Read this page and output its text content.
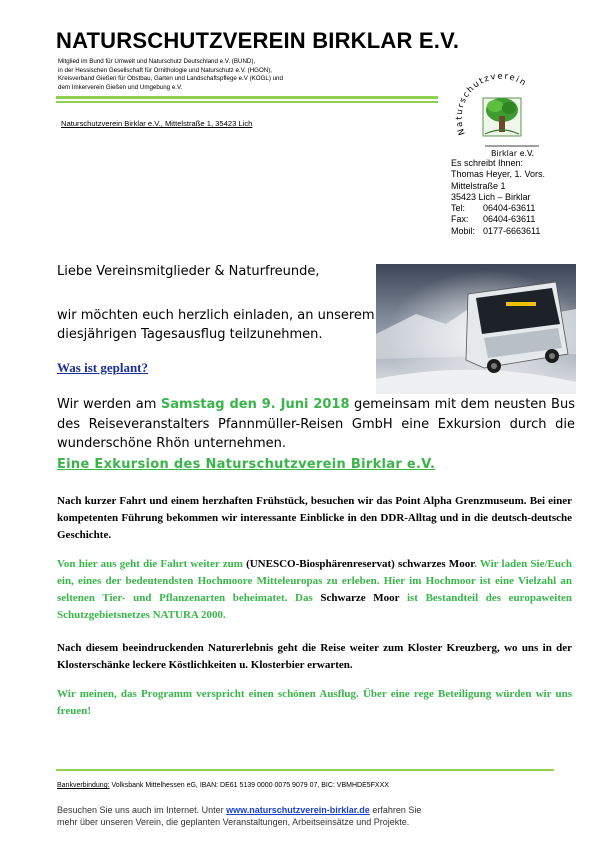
NATURSCHUTZVEREIN BIRKLAR E.V.
Mitglied im Bund für Umwelt und Naturschutz Deutschland e.V. (BUND),
in der Hessischen Gesellschaft für Ornithologie und Naturschutz e.V. (HGON),
Kreisverband Gießen für Obstbau, Garten und Landschaftspflege e.V (KOGL) und
dem Imkerverein Gießen und Umgebung e.V.
Naturschutzverein Birklar e.V., Mittelstraße 1, 35423 Lich
Naturschutzverein
Birklar e.V.
Es schreibt Ihnen:
Thomas Heyer, 1. Vors.
Mittelstraße 1
35423 Lich – Birklar
Tel:	06404-63611
Fax:	06404-63611
Mobil: 0177-6663611
Liebe Vereinsmitglieder & Naturfreunde,
wir möchten euch herzlich einladen, an unserem
diesjährigen Tagesausflug teilzunehmen.
Was ist geplant?
Wir werden am Samstag den 9. Juni 2018 gemeinsam mit dem neusten Bus des Reiseveranstalters Pfannmüller-Reisen GmbH eine Exkursion durch die wunderschöne Rhön unternehmen.
Eine Exkursion des Naturschutzverein Birklar e.V.
Nach kurzer Fahrt und einem herzhaften Frühstück, besuchen wir das Point Alpha Grenzmuseum. Bei einer kompetenten Führung bekommen wir interessante Einblicke in den DDR-Alltag und in die deutsch-deutsche Geschichte.
Von hier aus geht die Fahrt weiter zum (UNESCO-Biosphärenreservat) schwarzes Moor. Wir laden Sie/Euch ein, eines der bedeutendsten Hochmoore Mitteleuropas zu erleben. Hier im Hochmoor ist eine Vielzahl an seltenen Tier- und Pflanzenarten beheimatet. Das Schwarze Moor ist Bestandteil des europaweiten Schutzgebietsnetzes NATURA 2000.
Nach diesem beeindruckenden Naturerlebnis geht die Reise weiter zum Kloster Kreuzberg, wo uns in der Klosterschänke leckere Köstlichkeiten u. Klosterbier erwarten.
Wir meinen, das Programm verspricht einen schönen Ausflug. Über eine rege Beteiligung würden wir uns freuen!
Bankverbindung: Volksbank Mittelhessen eG, IBAN: DE61 5139 0000 0075 9079 07, BIC: VBMHDE5FXXX
Besuchen Sie uns auch im Internet. Unter www.naturschutzverein-birklar.de erfahren Sie mehr über unseren Verein, die geplanten Veranstaltungen, Arbeitseinsätze und Projekte.
